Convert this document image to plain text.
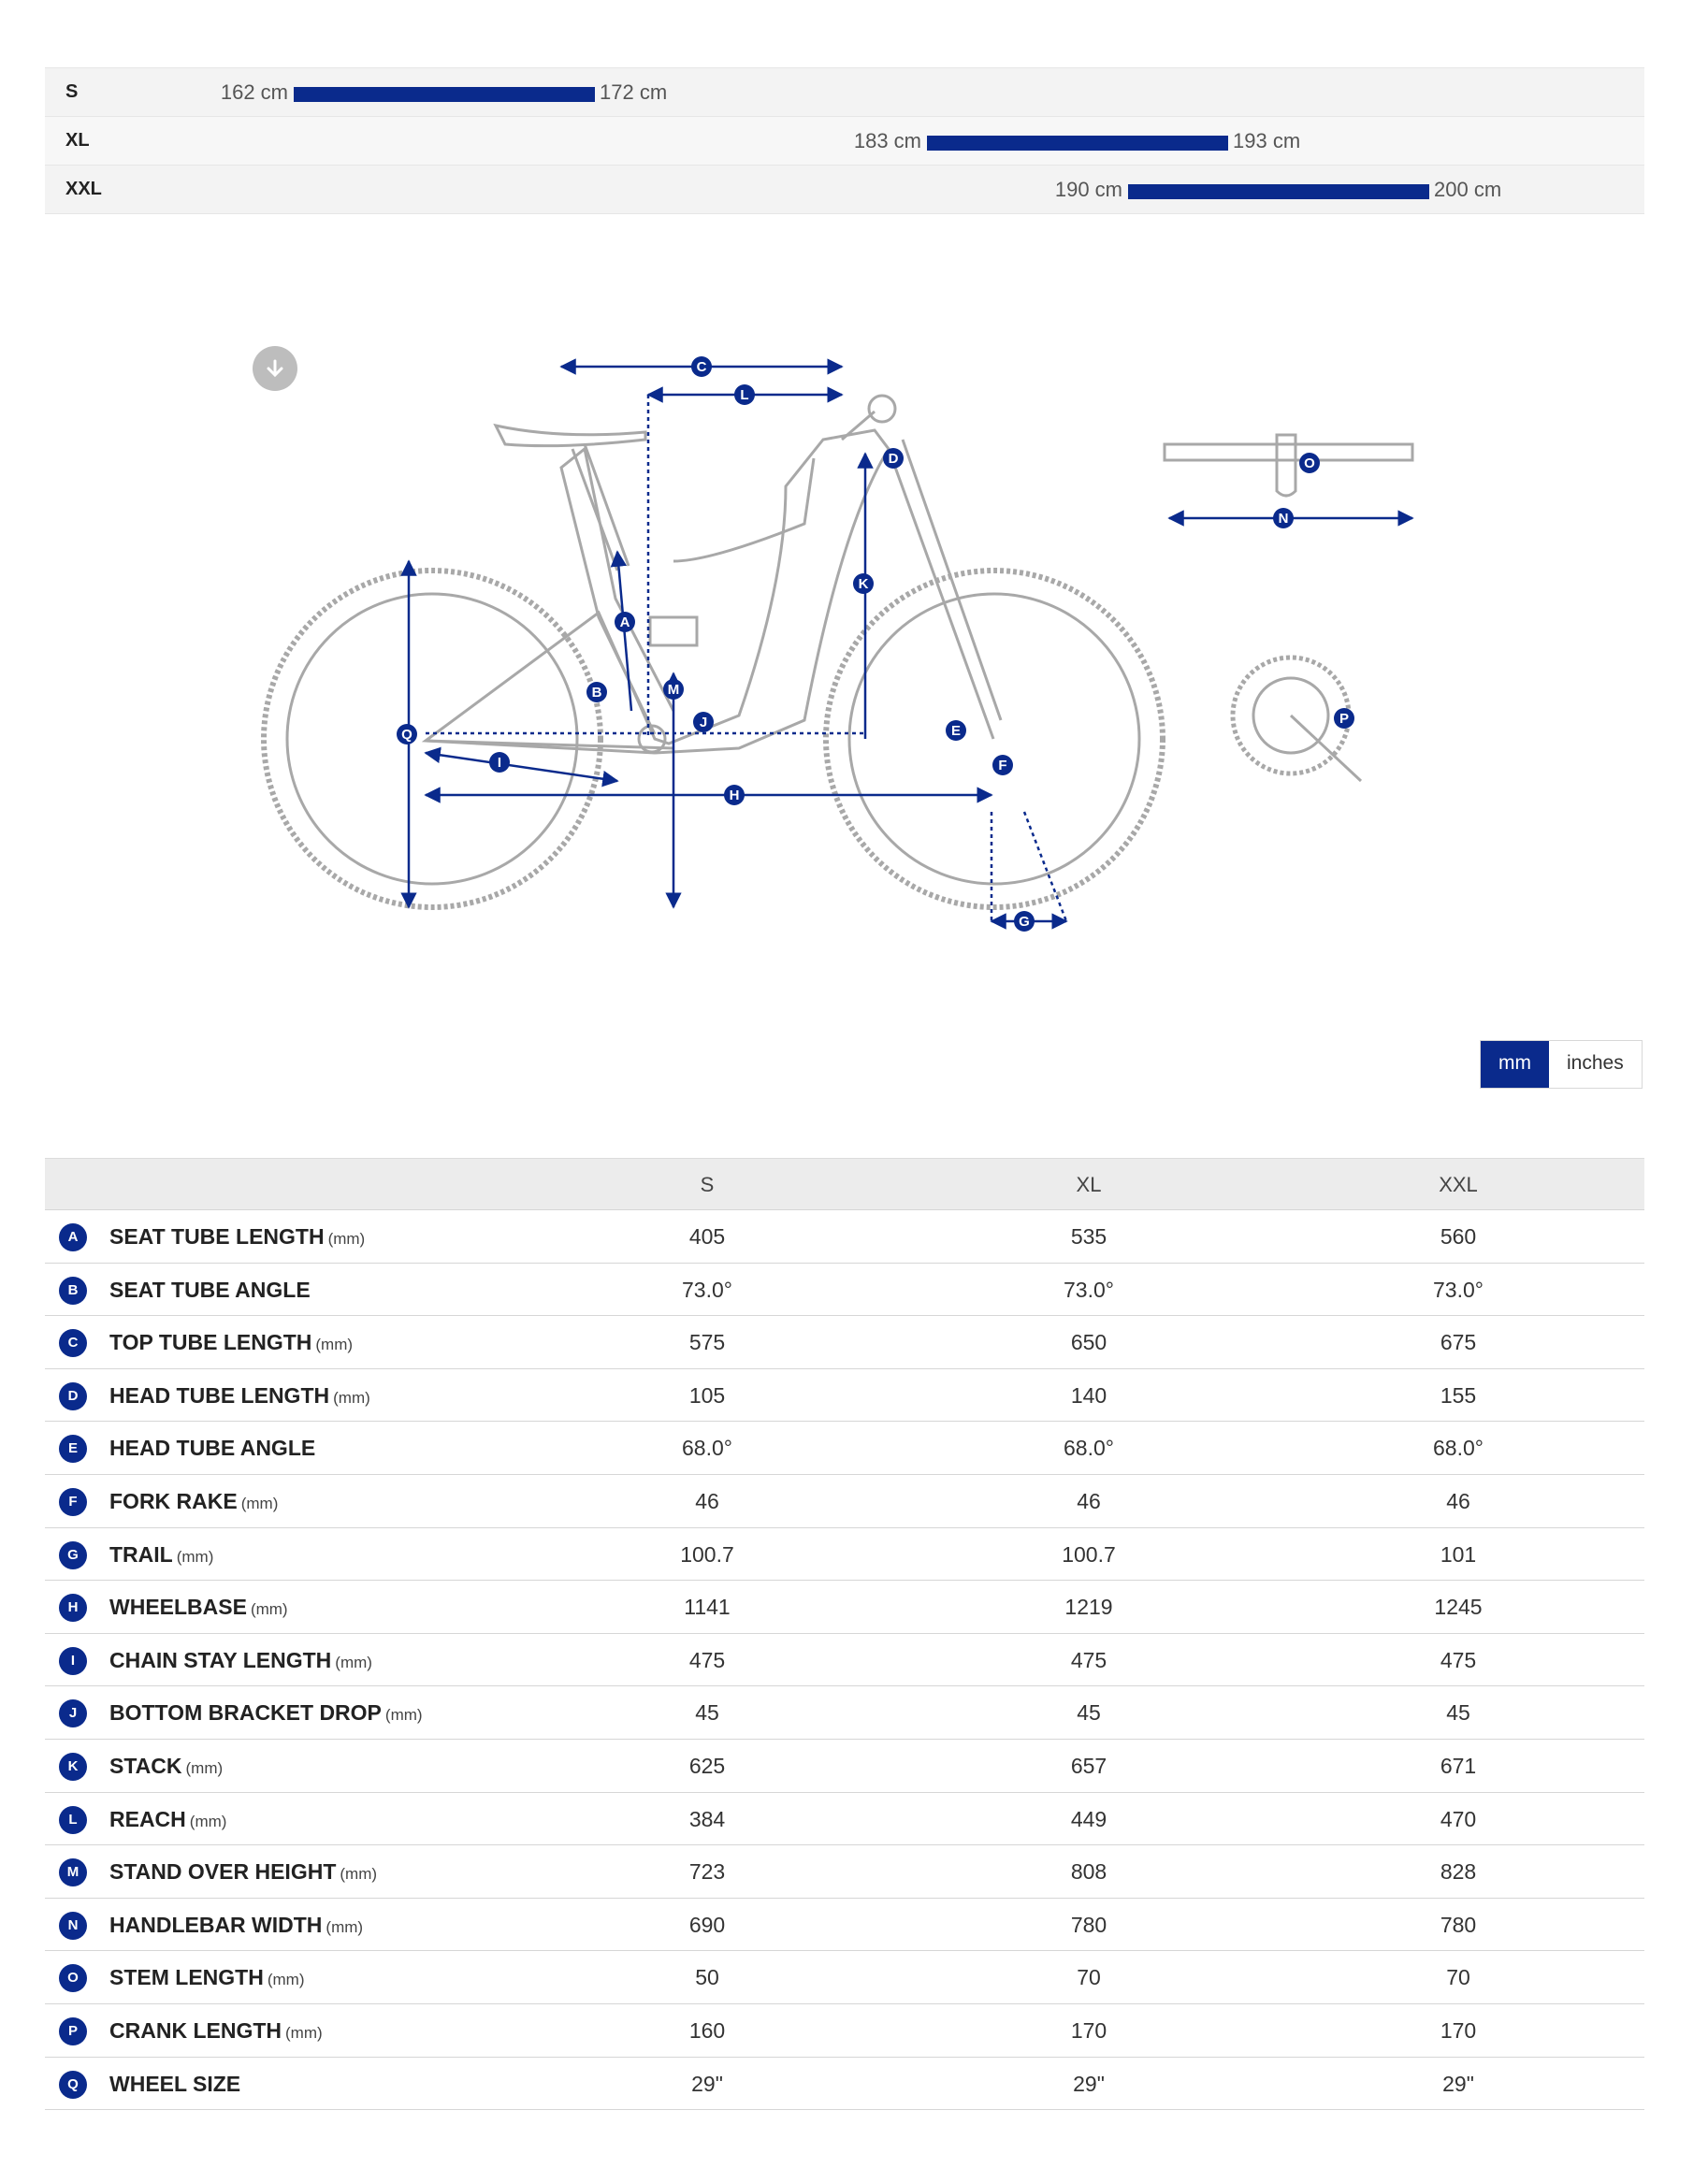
S	162 cm	172 cm
XL	183 cm	193 cm
XXL	190 cm	200 cm
C
L
D
K
A
B	M
J
Q
I
H
E
F
G
O
N
P
mm	inches
S	XL	XXL
A	SEAT TUBE LENGTH (mm)	405	535	560
B	SEAT TUBE ANGLE	73.0°	73.0°	73.0°
C	TOP TUBE LENGTH (mm)	575	650	675
D	HEAD TUBE LENGTH (mm)	105	140	155
E	HEAD TUBE ANGLE	68.0°	68.0°	68.0°
F	FORK RAKE (mm)	46	46	46
G	TRAIL (mm)	100.7	100.7	101
H	WHEELBASE (mm)	1141	1219	1245
I	CHAIN STAY LENGTH (mm)	475	475	475
J	BOTTOM BRACKET DROP (mm)	45	45	45
K	STACK (mm)	625	657	671
L	REACH (mm)	384	449	470
M	STAND OVER HEIGHT (mm)	723	808	828
N	HANDLEBAR WIDTH (mm)	690	780	780
O	STEM LENGTH (mm)	50	70	70
P	CRANK LENGTH (mm)	160	170	170
Q	WHEEL SIZE	29"	29"	29"
